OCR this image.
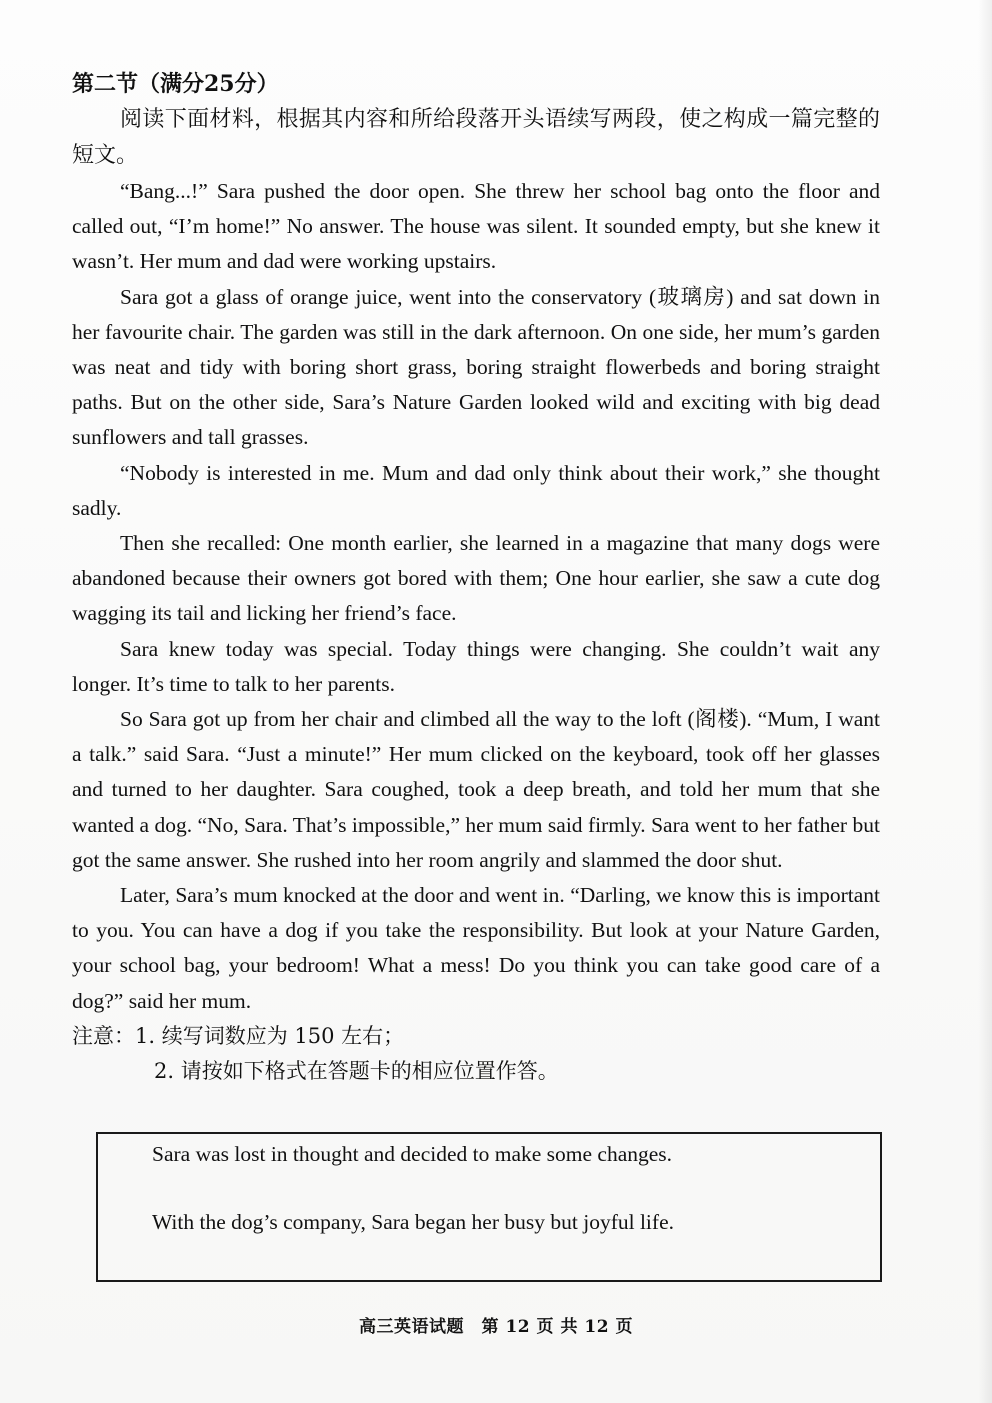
第二节（满分25分）
阅读下面材料，根据其内容和所给段落开头语续写两段，使之构成一篇完整的短文。

“Bang...!” Sara pushed the door open. She threw her school bag onto the floor and called out, “I’m home!” No answer. The house was silent. It sounded empty, but she knew it wasn’t. Her mum and dad were working upstairs.

Sara got a glass of orange juice, went into the conservatory (玻璃房) and sat down in her favourite chair. The garden was still in the dark afternoon. On one side, her mum’s garden was neat and tidy with boring short grass, boring straight flowerbeds and boring straight paths. But on the other side, Sara’s Nature Garden looked wild and exciting with big dead sunflowers and tall grasses.

“Nobody is interested in me. Mum and dad only think about their work,” she thought sadly.

Then she recalled: One month earlier, she learned in a magazine that many dogs were abandoned because their owners got bored with them; One hour earlier, she saw a cute dog wagging its tail and licking her friend’s face.

Sara knew today was special. Today things were changing. She couldn’t wait any longer. It’s time to talk to her parents.

So Sara got up from her chair and climbed all the way to the loft (阁楼). “Mum, I want a talk.” said Sara. “Just a minute!” Her mum clicked on the keyboard, took off her glasses and turned to her daughter. Sara coughed, took a deep breath, and told her mum that she wanted a dog. “No, Sara. That’s impossible,” her mum said firmly. Sara went to her father but got the same answer. She rushed into her room angrily and slammed the door shut.

Later, Sara’s mum knocked at the door and went in. “Darling, we know this is important to you. You can have a dog if you take the responsibility. But look at your Nature Garden, your school bag, your bedroom! What a mess! Do you think you can take good care of a dog?” said her mum.

注意：1. 续写词数应为 150 左右；
2. 请按如下格式在答题卡的相应位置作答。
Sara was lost in thought and decided to make some changes.
With the dog’s company, Sara began her busy but joyful life.
高三英语试题　第 12 页 共 12 页
